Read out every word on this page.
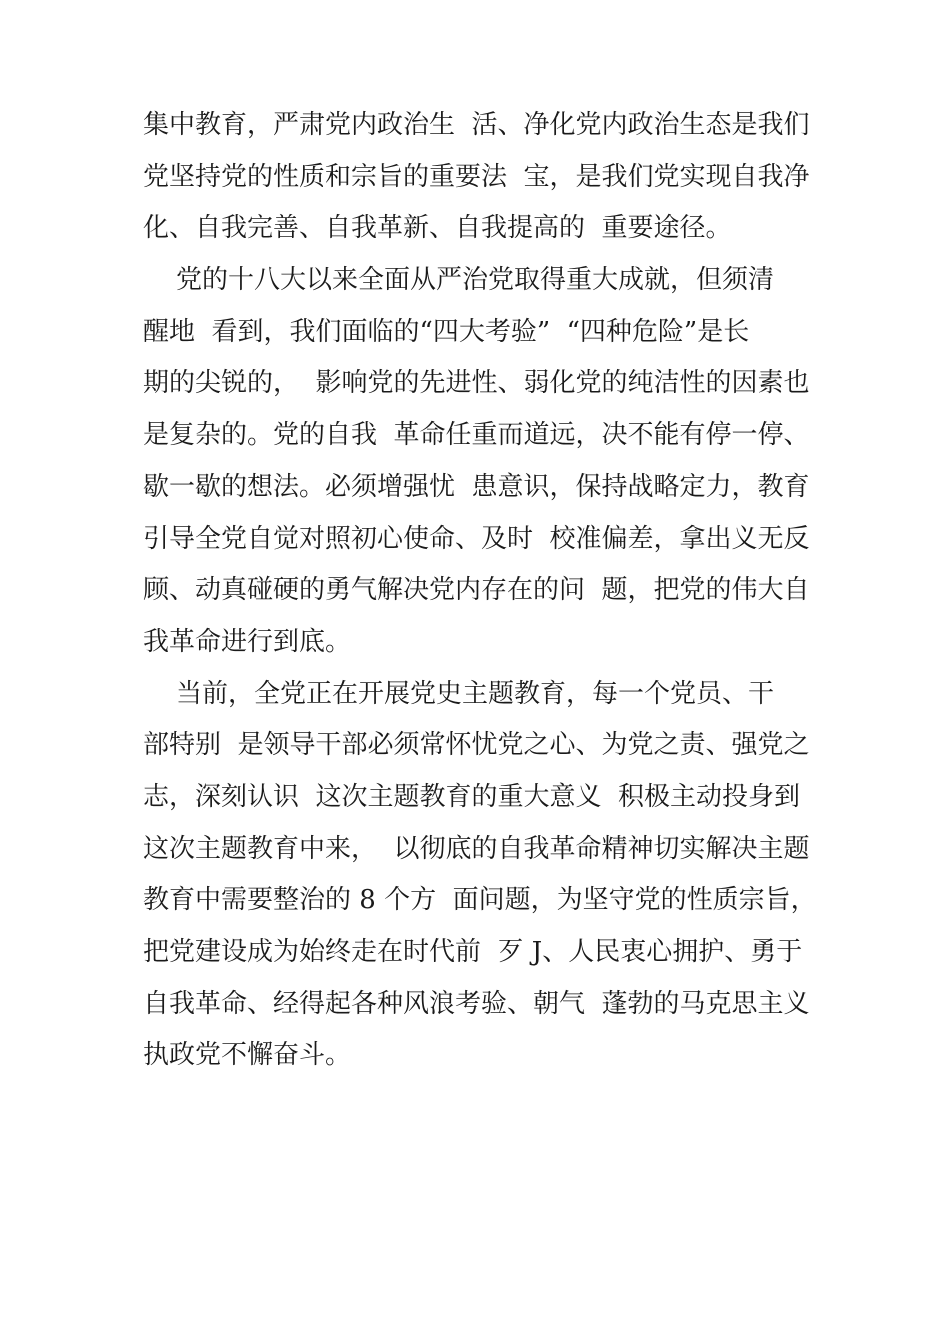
集中教育，严肃党内政治生  活、净化党内政治生态是我们
党坚持党的性质和宗旨的重要法  宝，是我们党实现自我净
化、自我完善、自我革新、自我提高的  重要途径。
党的十八大以来全面从严治党取得重大成就，但须清
醒地  看到，我们面临的“四大考验”  “四种危险”是长
期的尖锐的，  影响党的先进性、弱化党的纯洁性的因素也
是复杂的。党的自我  革命任重而道远，决不能有停一停、
歇一歇的想法。必须增强忧  患意识，保持战略定力，教育
引导全党自觉对照初心使命、及时  校准偏差，拿出义无反
顾、动真碰硬的勇气解决党内存在的问  题，把党的伟大自
我革命进行到底。
当前，全党正在开展党史主题教育，每一个党员、干
部特别  是领导干部必须常怀忧党之心、为党之责、强党之
志，深刻认识  这次主题教育的重大意义  积极主动投身到
这次主题教育中来，  以彻底的自我革命精神切实解决主题
教育中需要整治的 8 个方  面问题，为坚守党的性质宗旨，
把党建设成为始终走在时代前  歹 J、人民衷心拥护、勇于
自我革命、经得起各种风浪考验、朝气  蓬勃的马克思主义
执政党不懈奋斗。
